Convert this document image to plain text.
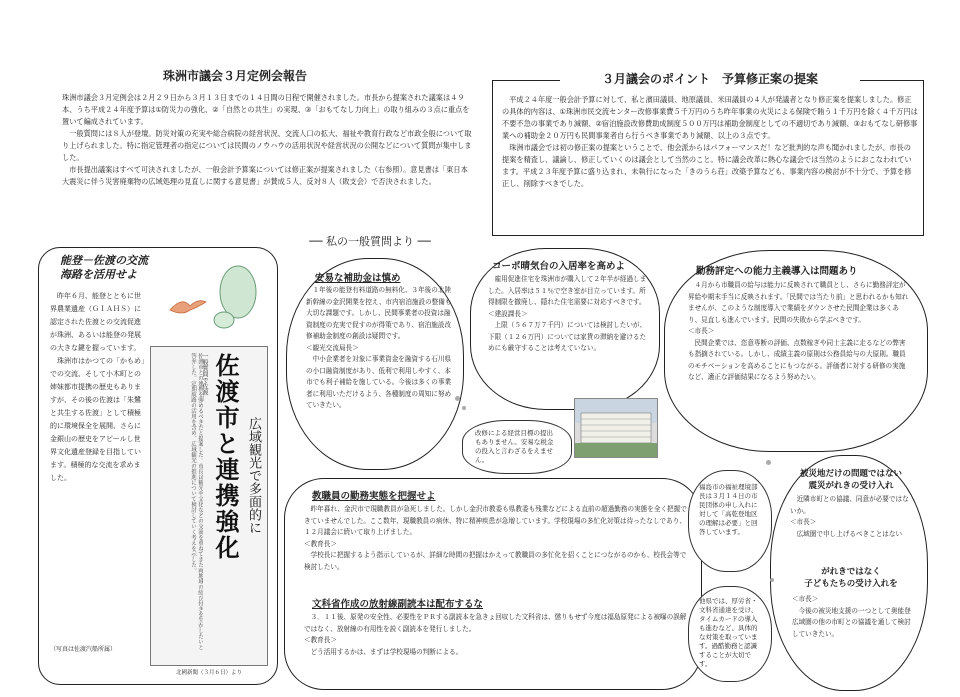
珠洲市議会３月定例会報告
珠洲市議会３月定例会は２月２９日から３月１３日までの１４日間の日程で開催されました。市長から提案された議案は４９本、うち平成２４年度予算は①防災力の強化、②「自然との共生」の実現、③「おもてなし力向上」の取り組みの３点に重点を置いて編成されています。
　一般質問には８人が登壇。防災対策の充実や総合病院の経営状況、交流人口の拡大、福祉や教育行政など市政全般について取り上げられました。特に指定管理者の指定については民間のノウハウの活用状況や経営状況の公開などについて質問が集中しました。
　市長提出議案はすべて可決されましたが、一般会計予算案については修正案が提案されました（右参照）。意見書は「東日本大震災に伴う災害廃棄物の広域処理の見直しに関する意見書」が賛成５人、反対８人（敗支会）で否決されました。
３月議会のポイント　予算修正案の提案
　平成２４年度一般会計予算に対して、私と濱田議員、地原議員、米田議員の４人が発議者となり修正案を提案しました。修正の具体的内容は、①珠洲市民交流センター改修事業費５千万円のうち昨年事業の火災による保険で賄う１千万円を除く４千万円は不要不急の事業であり減額、②宿泊施設改修費助成制度５００万円は補助金制度としての不適切であり減額、③おもてなし研修事業への補助金２０万円も民間事業者自ら行うべき事業であり減額、以上の３点です。
　珠洲市議会では初の修正案の提案ということで、他会派からはパフォーマンスだ！など批判的な声も聞かれましたが、市長の提案を精査し、議論し、修正していくのは議会として当然のこと。特に議会改革に熱心な議会では当然のようにおこなわれています。平成２３年度予算に盛り込まれ、未執行になった「きのうら荘」改築予算なども、事業内容の検討が不十分で、予算を修正し、削除すべきでした。
── 私の一般質問より ──
能登－佐渡の交流
海路を活用せよ
　昨年６月、能登とともに世界農業遺産（ＧＩＡＨＳ）に認定された佐渡との交流促進が珠洲、あるいは能登の発展の大きな鍵を握っています。
　珠洲市はかつての「かもめ」での交流、そして小木町との姉妹都市提携の歴史もありますが、その後の佐渡は「朱鷺と共生する佐渡」として積極的に環境保全を展開、さらに金銀山の歴史をアピールし世界文化遺産登録を目指しています。積極的な交流を求めました。
（写真は佐渡汽船所属）
佐渡市と連携強化 広域観光で多面的に
一般質問で佐渡…
佐渡市との連携を強めるべきだと提案した。市長は観光や文化などの交流を重ねてきた両地域の結び付きを生かしたいと答弁した。定期航路の活用を含め、広域観光の推進について検討していく考えを示した。
北國新聞（３月６日）より
安易な補助金は慎め
　１年後の能登有料道路の無料化、３年後の北陸新幹線の金沢開業を控え、市内宿泊施設の整備も大切な課題です。しかし、民間事業者の投資は融資制度の充実で促すのが得策であり、宿泊施設改修補助金制度の創設は疑問です。
＜観光交流局長＞
　中小企業者を対象に事業資金を融資する石川県の小口融資制度があり、低利で利用しやすく、本市でも利子補給を施している。今後は多くの事業者に利用いただけるよう、各種制度の周知に努めていきたい。
コーポ晴気台の入居率を高めよ
　雇用促進住宅を珠洲市が購入して２年半が経過しました。入居率は５１％で空き室が目立っています。所得制限を撤廃し、隠れた住宅需要に対応すべきです。
＜建設課長＞
　上限（５６７万７千円）については検討したいが、下限（１２６万円）については家賃の滞納を避けるためにも厳守することは考えていない。
改修による経営目標の提出もありません。安易な税金の投入と言わざるをえません。
勤務評定への能力主義導入は問題あり
　４月から市職員の給与は能力に反映されて職員とし、さらに勤務評定が昇給や期末手当に反映されます。「民間では当たり前」と思われるかも知れませんが、このような制度導入で業績をダウンさせた民間企業は多くあり、見直しも進んでいます。民間の失敗から学ぶべきです。
＜市長＞
　民間企業では、恣意専断の評価、点数稼ぎや同士主義に走るなどの弊害も指摘されている。しかし、成績主義の原則は公務員給与の大原則。職員のモチベーションを高めることにもつながる。評価者に対する研修の実施など、適正な評価結果になるよう努めたい。
教職員の勤務実態を把握せよ
　昨年暮れ、金沢市で現職教員が急死しました。しかし金沢市教委も県教委も残業などによる直前の超過勤務の実態を全く把握できていませんでした。ここ数年、現職教員の病休、特に精神疾患が急増しています。学校現場の多忙化対策は待ったなしであり、１２月議会に続いて取り上げました。
＜教育長＞
　学校長に把握するよう指示しているが、詳細な時間の把握はかえって教職員の多忙化を招くことにつながるのかも、校長会等で検討したい。
文科省作成の放射線副読本は配布するな
　３．１１後、原発の安全性、必要性をＰＲする副読本を急きょ回収した文科省は、懲りもせず今度は福島原発による被曝の誤解ではなく、放射線の有用性を説く副読本を発行しました。
＜教育長＞
　どう活用するかは、まずは学校現場の判断による。
福島市の福祉理境部長は３月１４日の市民団体の申し入れに対して「高乾登地区の理解は必要」と回答しています。
他県では、厚労省・文科省通達を受け、タイムカードの導入も進むなど、具体的な対策を取っています。過酷勤務と認識することが大切です。
被災地だけの問題ではない
震災がれきの受け入れ
　近隣市町との協議、同意が必要ではないか。
＜市長＞
　広域圏で申し上げるべきことはない
がれきではなく
子どもたちの受け入れを
＜市長＞
　今後の被災地支援の一つとして奥能登広域圏の他の市町との協議を通して検討していきたい。
